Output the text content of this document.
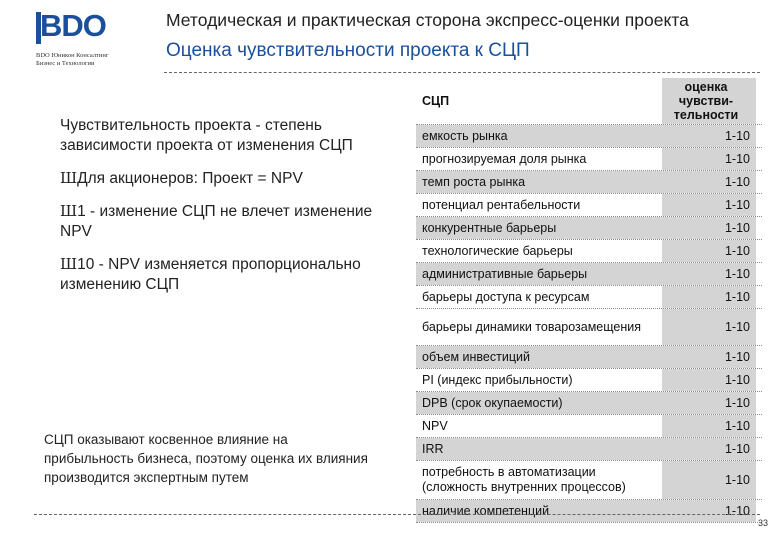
BDO
BDO Юникон Консалтинг
Бизнес и Технологии
Методическая и практическая сторона экспресс-оценки проекта
Оценка чувствительности проекта к СЦП

Чувствительность проекта - степень зависимости проекта от изменения СЦП

ШДля акционеров: Проект = NPV

Ш1 - изменение СЦП не влечет изменение NPV

Ш10 - NPV изменяется пропорционально изменению СЦП

СЦП оказывают косвенное влияние на прибыльность бизнеса, поэтому оценка их влияния производится экспертным путем
СЦП
оценка чувстви-тельности
емкость рынка	1-10
прогнозируемая доля рынка	1-10
темп роста рынка	1-10
потенциал рентабельности	1-10
конкурентные барьеры	1-10
технологические барьеры	1-10
административные барьеры	1-10
барьеры доступа к ресурсам	1-10
барьеры динамики товарозамещения	1-10
объем инвестиций	1-10
PI (индекс прибыльности)	1-10
DPB (срок окупаемости)	1-10
NPV	1-10
IRR	1-10
потребность в автоматизации (сложность внутренних процессов)	1-10
наличие компетенций	1-10
33
